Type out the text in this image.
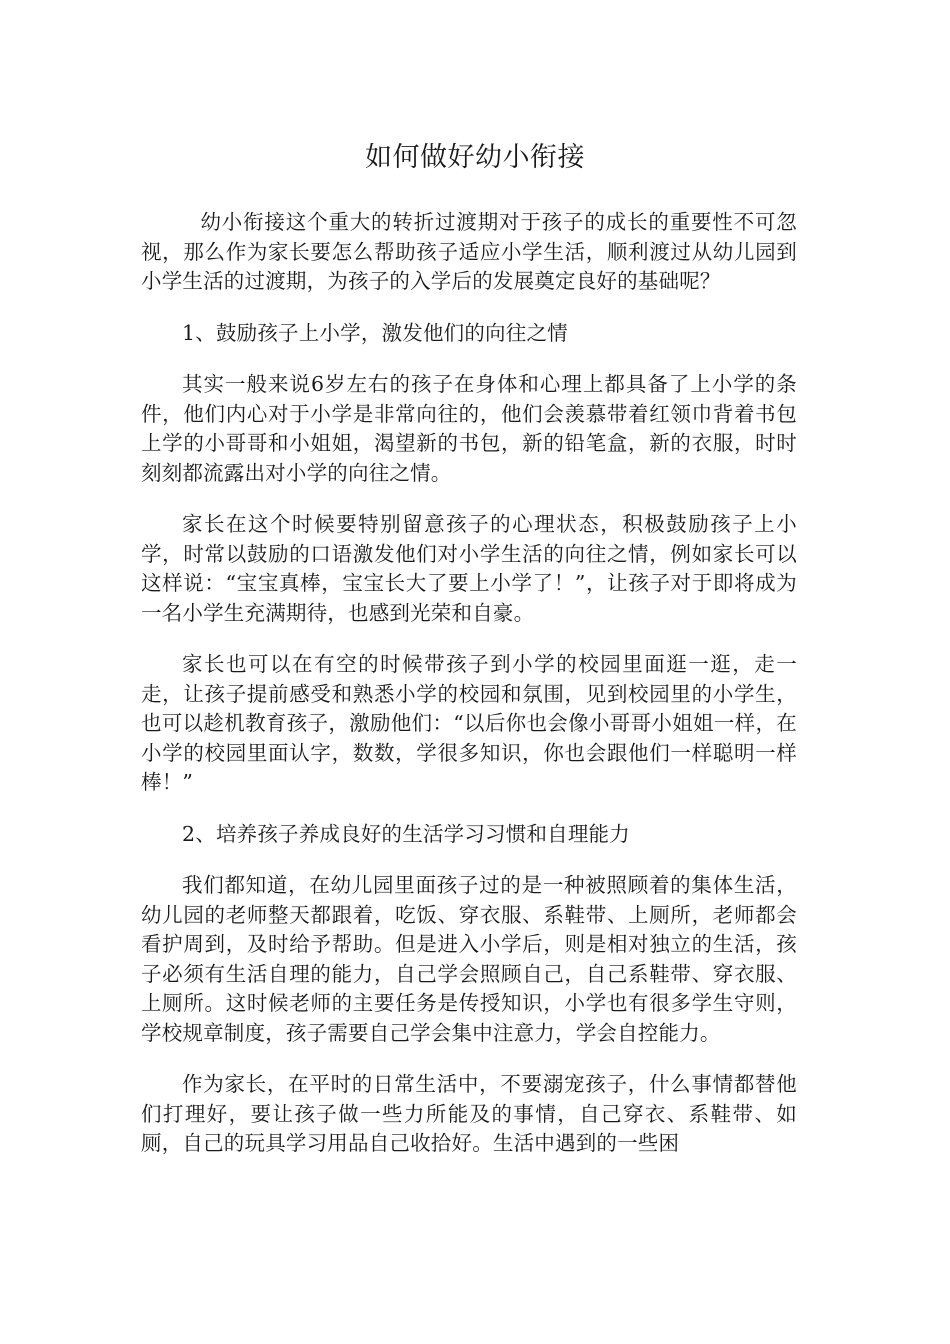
如何做好幼小衔接

幼小衔接这个重大的转折过渡期对于孩子的成长的重要性不可忽视，那么作为家长要怎么帮助孩子适应小学生活，顺利渡过从幼儿园到小学生活的过渡期，为孩子的入学后的发展奠定良好的基础呢？

1、鼓励孩子上小学，激发他们的向往之情

其实一般来说6岁左右的孩子在身体和心理上都具备了上小学的条件，他们内心对于小学是非常向往的，他们会羡慕带着红领巾背着书包上学的小哥哥和小姐姐，渴望新的书包，新的铅笔盒，新的衣服，时时刻刻都流露出对小学的向往之情。

家长在这个时候要特别留意孩子的心理状态，积极鼓励孩子上小学，时常以鼓励的口语激发他们对小学生活的向往之情，例如家长可以这样说：“宝宝真棒，宝宝长大了要上小学了！”，让孩子对于即将成为一名小学生充满期待，也感到光荣和自豪。

家长也可以在有空的时候带孩子到小学的校园里面逛一逛，走一走，让孩子提前感受和熟悉小学的校园和氛围，见到校园里的小学生，也可以趁机教育孩子，激励他们：“以后你也会像小哥哥小姐姐一样，在小学的校园里面认字，数数，学很多知识，你也会跟他们一样聪明一样棒！”

2、培养孩子养成良好的生活学习习惯和自理能力

我们都知道，在幼儿园里面孩子过的是一种被照顾着的集体生活，幼儿园的老师整天都跟着，吃饭、穿衣服、系鞋带、上厕所，老师都会看护周到，及时给予帮助。但是进入小学后，则是相对独立的生活，孩子必须有生活自理的能力，自己学会照顾自己，自己系鞋带、穿衣服、上厕所。这时候老师的主要任务是传授知识，小学也有很多学生守则，学校规章制度，孩子需要自己学会集中注意力，学会自控能力。

作为家长，在平时的日常生活中，不要溺宠孩子，什么事情都替他们打理好，要让孩子做一些力所能及的事情，自己穿衣、系鞋带、如厕，自己的玩具学习用品自己收拾好。生活中遇到的一些困
